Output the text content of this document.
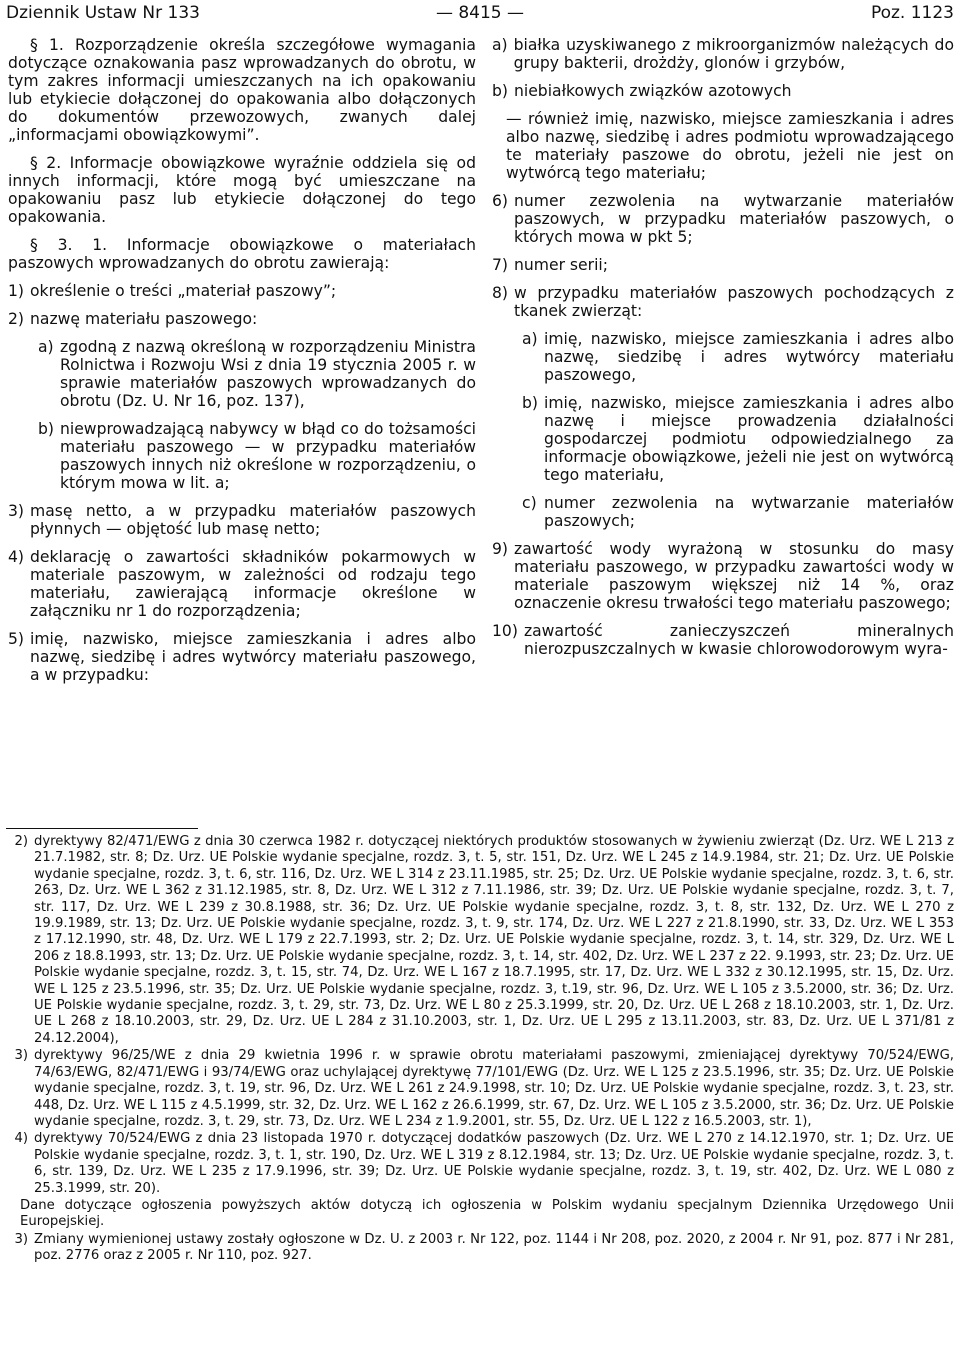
Dziennik Ustaw Nr 133	— 8415 —	Poz. 1123

§ 1. Rozporządzenie określa szczegółowe wymagania dotyczące oznakowania pasz wprowadzanych do obrotu, w tym zakres informacji umieszczanych na ich opakowaniu lub etykiecie dołączonej do opakowania albo dołączonych do dokumentów przewozowych, zwanych dalej „informacjami obowiązkowymi”.

§ 2. Informacje obowiązkowe wyraźnie oddziela się od innych informacji, które mogą być umieszczane na opakowaniu pasz lub etykiecie dołączonej do tego opakowania.

§ 3. 1. Informacje obowiązkowe o materiałach paszowych wprowadzanych do obrotu zawierają:

1) określenie o treści „materiał paszowy”;
2) nazwę materiału paszowego:
a) zgodną z nazwą określoną w rozporządzeniu Ministra Rolnictwa i Rozwoju Wsi z dnia 19 stycznia 2005 r. w sprawie materiałów paszowych wprowadzanych do obrotu (Dz. U. Nr 16, poz. 137),
b) niewprowadzającą nabywcy w błąd co do tożsamości materiału paszowego — w przypadku materiałów paszowych innych niż określone w rozporządzeniu, o którym mowa w lit. a;
3) masę netto, a w przypadku materiałów paszowych płynnych — objętość lub masę netto;
4) deklarację o zawartości składników pokarmowych w materiale paszowym, w zależności od rodzaju tego materiału, zawierającą informacje określone w załączniku nr 1 do rozporządzenia;
5) imię, nazwisko, miejsce zamieszkania i adres albo nazwę, siedzibę i adres wytwórcy materiału paszowego, a w przypadku:
a) białka uzyskiwanego z mikroorganizmów należących do grupy bakterii, drożdży, glonów i grzybów,
b) niebiałkowych związków azotowych

— również imię, nazwisko, miejsce zamieszkania i adres albo nazwę, siedzibę i adres podmiotu wprowadzającego te materiały paszowe do obrotu, jeżeli nie jest on wytwórcą tego materiału;

6) numer zezwolenia na wytwarzanie materiałów paszowych, w przypadku materiałów paszowych, o których mowa w pkt 5;
7) numer serii;
8) w przypadku materiałów paszowych pochodzących z tkanek zwierząt:
a) imię, nazwisko, miejsce zamieszkania i adres albo nazwę, siedzibę i adres wytwórcy materiału paszowego,
b) imię, nazwisko, miejsce zamieszkania i adres albo nazwę i miejsce prowadzenia działalności gospodarczej podmiotu odpowiedzialnego za informacje obowiązkowe, jeżeli nie jest on wytwórcą tego materiału,
c) numer zezwolenia na wytwarzanie materiałów paszowych;
9) zawartość wody wyrażoną w stosunku do masy materiału paszowego, w przypadku zawartości wody w materiale paszowym większej niż 14 %, oraz oznaczenie okresu trwałości tego materiału paszowego;
10) zawartość zanieczyszczeń mineralnych nierozpuszczalnych w kwasie chlorowodorowym wyra-
2) dyrektywy 82/471/EWG z dnia 30 czerwca 1982 r. dotyczącej niektórych produktów stosowanych w żywieniu zwierząt (Dz. Urz. WE L 213 z 21.7.1982, str. 8; Dz. Urz. UE Polskie wydanie specjalne, rozdz. 3, t. 5, str. 151, Dz. Urz. WE L 245 z 14.9.1984, str. 21; Dz. Urz. UE Polskie wydanie specjalne, rozdz. 3, t. 6, str. 116, Dz. Urz. WE L 314 z 23.11.1985, str. 25; Dz. Urz. UE Polskie wydanie specjalne, rozdz. 3, t. 6, str. 263, Dz. Urz. WE L 362 z 31.12.1985, str. 8, Dz. Urz. WE L 312 z 7.11.1986, str. 39; Dz. Urz. UE Polskie wydanie specjalne, rozdz. 3, t. 7, str. 117, Dz. Urz. WE L 239 z 30.8.1988, str. 36; Dz. Urz. UE Polskie wydanie specjalne, rozdz. 3, t. 8, str. 132, Dz. Urz. WE L 270 z 19.9.1989, str. 13; Dz. Urz. UE Polskie wydanie specjalne, rozdz. 3, t. 9, str. 174, Dz. Urz. WE L 227 z 21.8.1990, str. 33, Dz. Urz. WE L 353 z 17.12.1990, str. 48, Dz. Urz. WE L 179 z 22.7.1993, str. 2; Dz. Urz. UE Polskie wydanie specjalne, rozdz. 3, t. 14, str. 329, Dz. Urz. WE L 206 z 18.8.1993, str. 13; Dz. Urz. UE Polskie wydanie specjalne, rozdz. 3, t. 14, str. 402, Dz. Urz. WE L 237 z 22. 9.1993, str. 23; Dz. Urz. UE Polskie wydanie specjalne, rozdz. 3, t. 15, str. 74, Dz. Urz. WE L 167 z 18.7.1995, str. 17, Dz. Urz. WE L 332 z 30.12.1995, str. 15, Dz. Urz. WE L 125 z 23.5.1996, str. 35; Dz. Urz. UE Polskie wydanie specjalne, rozdz. 3, t.19, str. 96, Dz. Urz. WE L 105 z 3.5.2000, str. 36; Dz. Urz. UE Polskie wydanie specjalne, rozdz. 3, t. 29, str. 73, Dz. Urz. WE L 80 z 25.3.1999, str. 20, Dz. Urz. UE L 268 z 18.10.2003, str. 1, Dz. Urz. UE L 268 z 18.10.2003, str. 29, Dz. Urz. UE L 284 z 31.10.2003, str. 1, Dz. Urz. UE L 295 z 13.11.2003, str. 83, Dz. Urz. UE L 371/81 z 24.12.2004),
3) dyrektywy 96/25/WE z dnia 29 kwietnia 1996 r. w sprawie obrotu materiałami paszowymi, zmieniającej dyrektywy 70/524/EWG, 74/63/EWG, 82/471/EWG i 93/74/EWG oraz uchylającej dyrektywę 77/101/EWG (Dz. Urz. WE L 125 z 23.5.1996, str. 35; Dz. Urz. UE Polskie wydanie specjalne, rozdz. 3, t. 19, str. 96, Dz. Urz. WE L 261 z 24.9.1998, str. 10; Dz. Urz. UE Polskie wydanie specjalne, rozdz. 3, t. 23, str. 448, Dz. Urz. WE L 115 z 4.5.1999, str. 32, Dz. Urz. WE L 162 z 26.6.1999, str. 67, Dz. Urz. WE L 105 z 3.5.2000, str. 36; Dz. Urz. UE Polskie wydanie specjalne, rozdz. 3, t. 29, str. 73, Dz. Urz. WE L 234 z 1.9.2001, str. 55, Dz. Urz. UE L 122 z 16.5.2003, str. 1),
4) dyrektywy 70/524/EWG z dnia 23 listopada 1970 r. dotyczącej dodatków paszowych (Dz. Urz. WE L 270 z 14.12.1970, str. 1; Dz. Urz. UE Polskie wydanie specjalne, rozdz. 3, t. 1, str. 190, Dz. Urz. WE L 319 z 8.12.1984, str. 13; Dz. Urz. UE Polskie wydanie specjalne, rozdz. 3, t. 6, str. 139, Dz. Urz. WE L 235 z 17.9.1996, str. 39; Dz. Urz. UE Polskie wydanie specjalne, rozdz. 3, t. 19, str. 402, Dz. Urz. WE L 080 z 25.3.1999, str. 20).

Dane dotyczące ogłoszenia powyższych aktów dotyczą ich ogłoszenia w Polskim wydaniu specjalnym Dziennika Urzędowego Unii Europejskiej.

3) Zmiany wymienionej ustawy zostały ogłoszone w Dz. U. z 2003 r. Nr 122, poz. 1144 i Nr 208, poz. 2020, z 2004 r. Nr 91, poz. 877 i Nr 281, poz. 2776 oraz z 2005 r. Nr 110, poz. 927.
